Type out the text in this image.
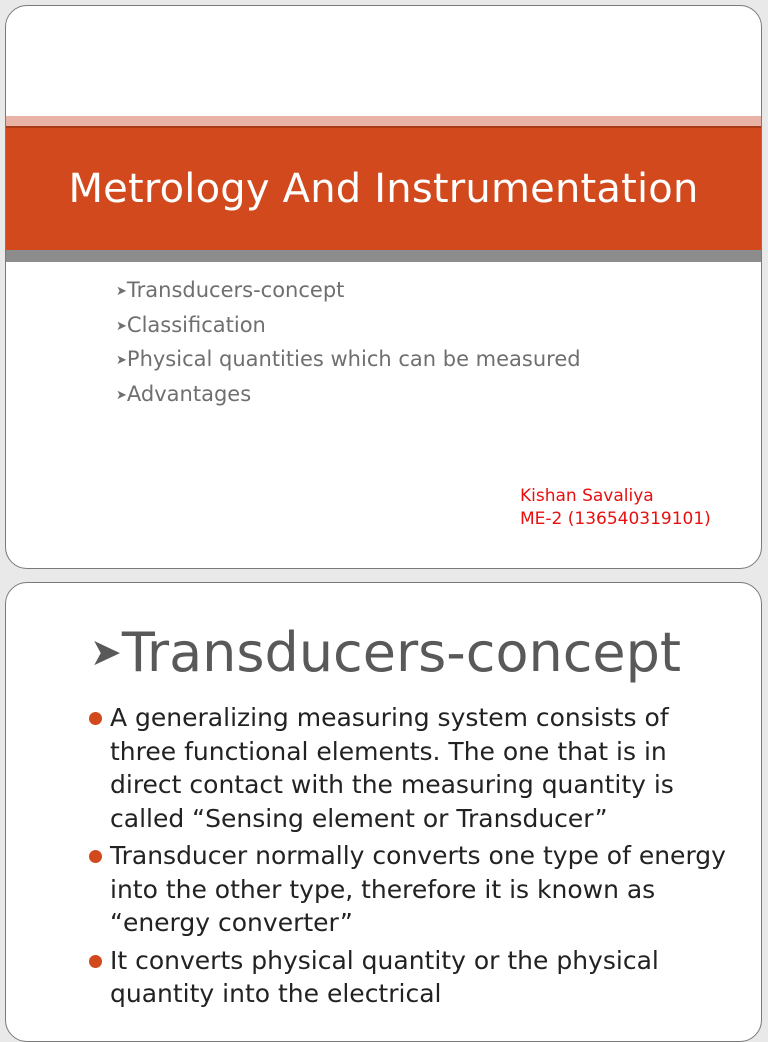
Metrology And Instrumentation
➤Transducers-concept
➤Classification
➤Physical quantities which can be measured
➤Advantages
Kishan Savaliya
ME-2 (136540319101)
➤Transducers-concept
A generalizing measuring system consists of three functional elements. The one that is in direct contact with the measuring quantity is called “Sensing element or Transducer”
Transducer normally converts one type of energy into the other type, therefore it is known as “energy converter”
It converts physical quantity or the physical quantity into the electrical
